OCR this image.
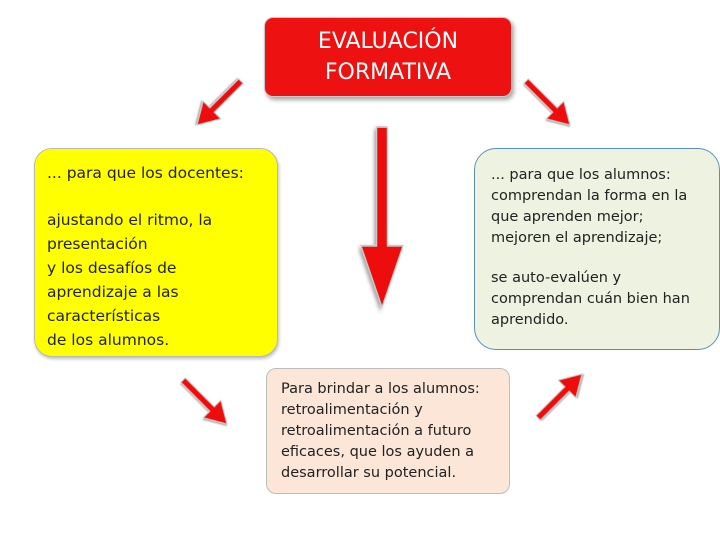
EVALUACIÓN
FORMATIVA
... para que los docentes:
ajustando el ritmo, la
presentación
y los desafíos de
aprendizaje a las
características
de los alumnos.
... para que los alumnos:
comprendan la forma en la
que aprenden mejor;
mejoren el aprendizaje;
se auto-evalúen y
comprendan cuán bien han
aprendido.
Para brindar a los alumnos:
retroalimentación y
retroalimentación a futuro
eficaces, que los ayuden a
desarrollar su potencial.
